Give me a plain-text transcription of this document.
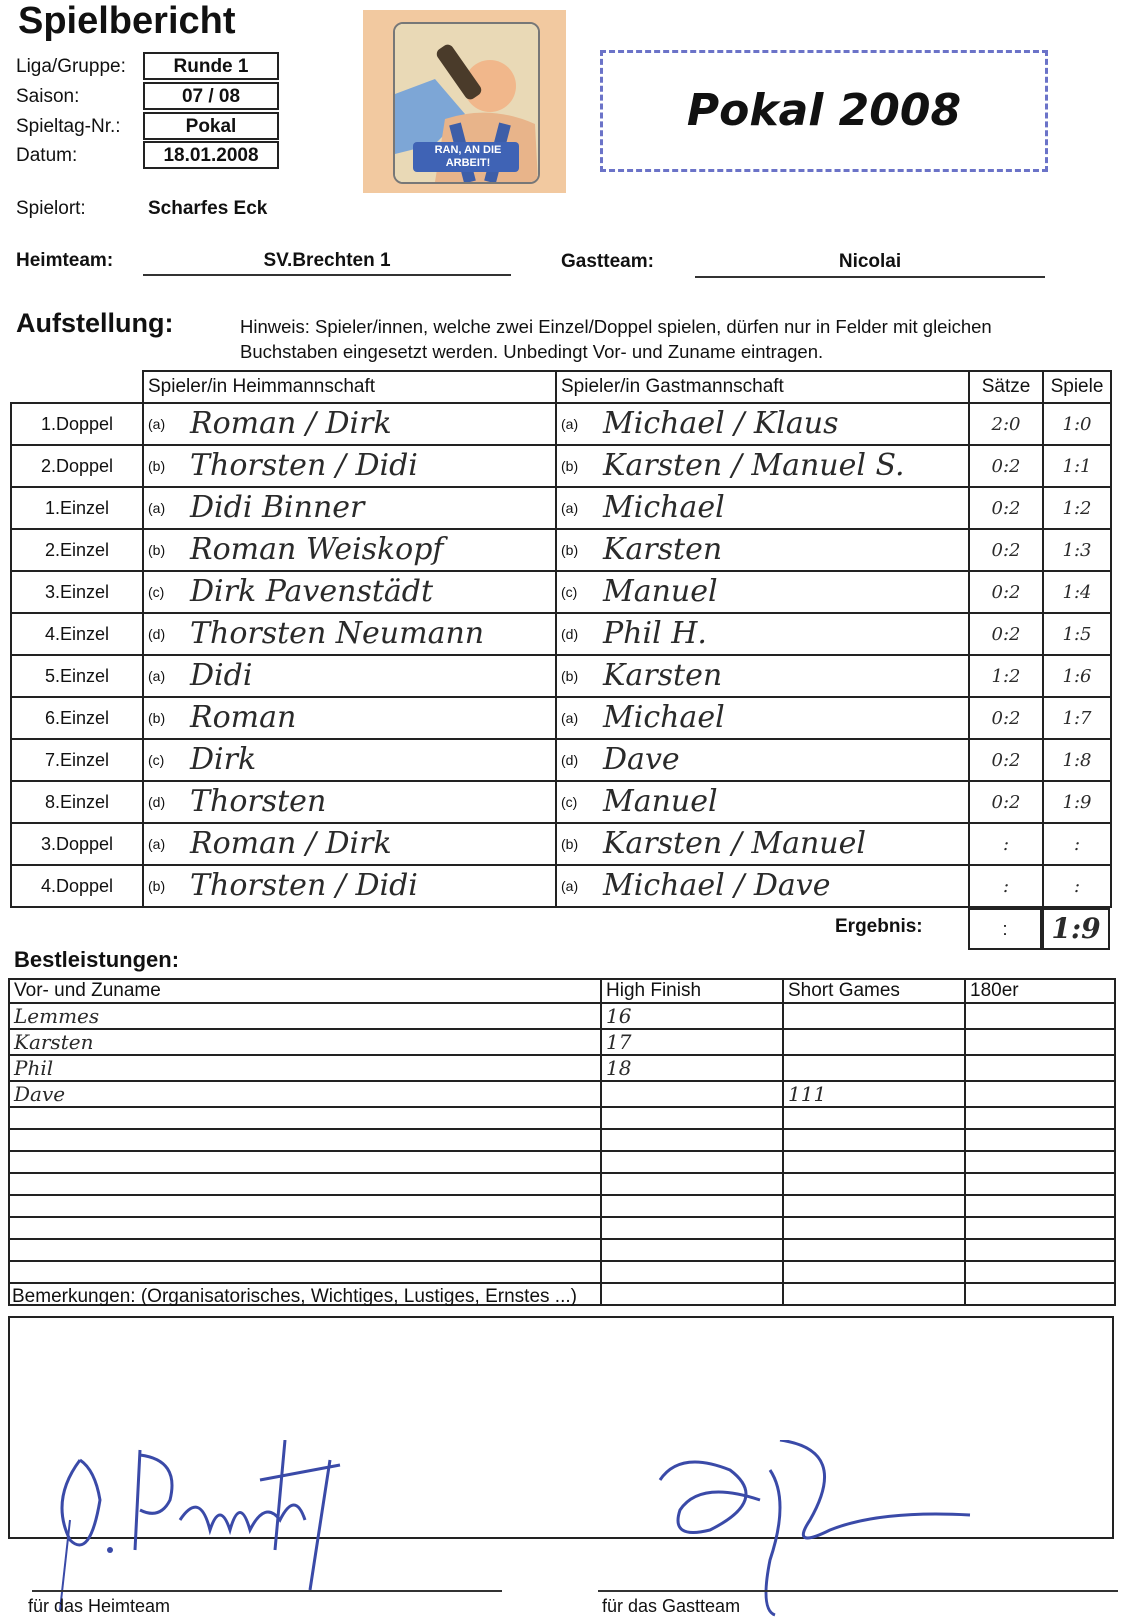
Spielbericht
Liga/Gruppe:	Runde 1
Saison:	07 / 08
Spieltag-Nr.:	Pokal
Datum:	18.01.2008	RAN, AN DIE ARBEIT!
Pokal 2008
Spielort:	Scharfes Eck
Heimteam:	SV.Brechten 1	Gastteam:	Nicolai
Aufstellung:	Hinweis: Spieler/innen, welche zwei Einzel/Doppel spielen, dürfen nur in Felder mit gleichen Buchstaben eingesetzt werden. Unbedingt Vor- und Zuname eintragen.
	Spieler/in Heimmannschaft	Spieler/in Gastmannschaft	Sätze	Spiele
1.Doppel	(a) Roman / Dirk	(a) Michael / Klaus	2:0	1:0
2.Doppel	(b) Thorsten / Didi	(b) Karsten / Manuel S.	0:2	1:1
1.Einzel	(a) Didi Binner	(a) Michael	0:2	1:2
2.Einzel	(b) Roman Weiskopf	(b) Karsten	0:2	1:3
3.Einzel	(c) Dirk Pavenstädt	(c) Manuel	0:2	1:4
4.Einzel	(d) Thorsten Neumann	(d) Phil H.	0:2	1:5
5.Einzel	(a) Didi	(b) Karsten	1:2	1:6
6.Einzel	(b) Roman	(a) Michael	0:2	1:7
7.Einzel	(c) Dirk	(d) Dave	0:2	1:8
8.Einzel	(d) Thorsten	(c) Manuel	0:2	1:9
3.Doppel	(a) Roman / Dirk	(b) Karsten / Manuel	:	:
4.Doppel	(b) Thorsten / Didi	(a) Michael / Dave	:	:
Ergebnis:	:	1:9
Bestleistungen:
Vor- und Zuname	High Finish	Short Games	180er
Lemmes	16		
Karsten	17		
Phil	18		
Dave		111	

Bemerkungen: (Organisatorisches, Wichtiges, Lustiges, Ernstes ...)
für das Heimteam	für das Gastteam
